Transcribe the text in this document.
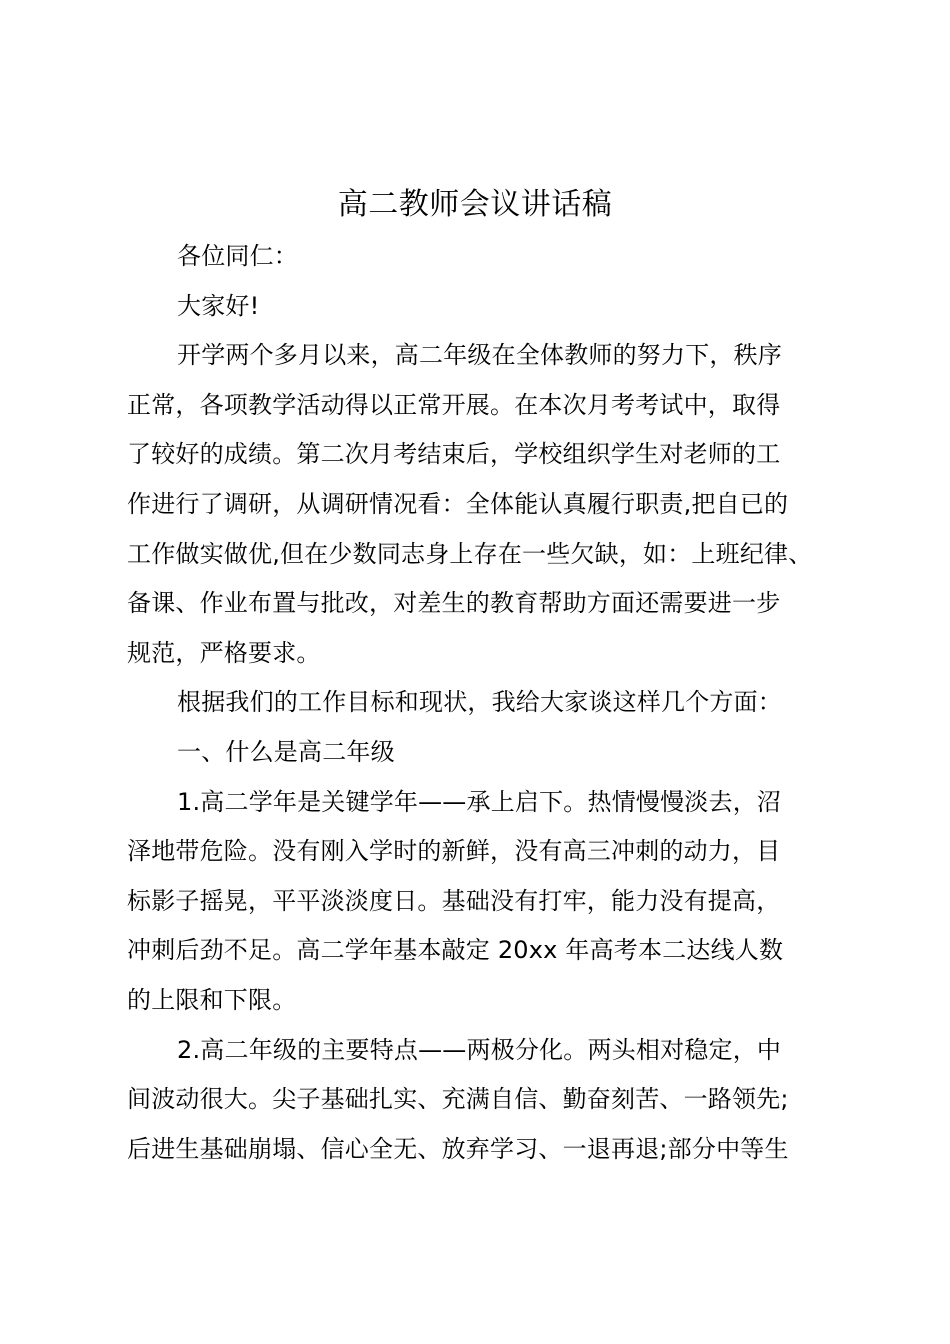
高二教师会议讲话稿
各位同仁：
大家好!
开学两个多月以来，高二年级在全体教师的努力下，秩序
正常，各项教学活动得以正常开展。在本次月考考试中，取得
了较好的成绩。第二次月考结束后，学校组织学生对老师的工
作进行了调研，从调研情况看：全体能认真履行职责,把自已的
工作做实做优,但在少数同志身上存在一些欠缺，如：上班纪律、
备课、作业布置与批改，对差生的教育帮助方面还需要进一步
规范，严格要求。
根据我们的工作目标和现状，我给大家谈这样几个方面：
一、什么是高二年级
1.高二学年是关键学年——承上启下。热情慢慢淡去，沼
泽地带危险。没有刚入学时的新鲜，没有高三冲刺的动力，目
标影子摇晃，平平淡淡度日。基础没有打牢，能力没有提高，
冲刺后劲不足。高二学年基本敲定 20xx 年高考本二达线人数
的上限和下限。
2.高二年级的主要特点——两极分化。两头相对稳定，中
间波动很大。尖子基础扎实、充满自信、勤奋刻苦、一路领先;
后进生基础崩塌、信心全无、放弃学习、一退再退;部分中等生
